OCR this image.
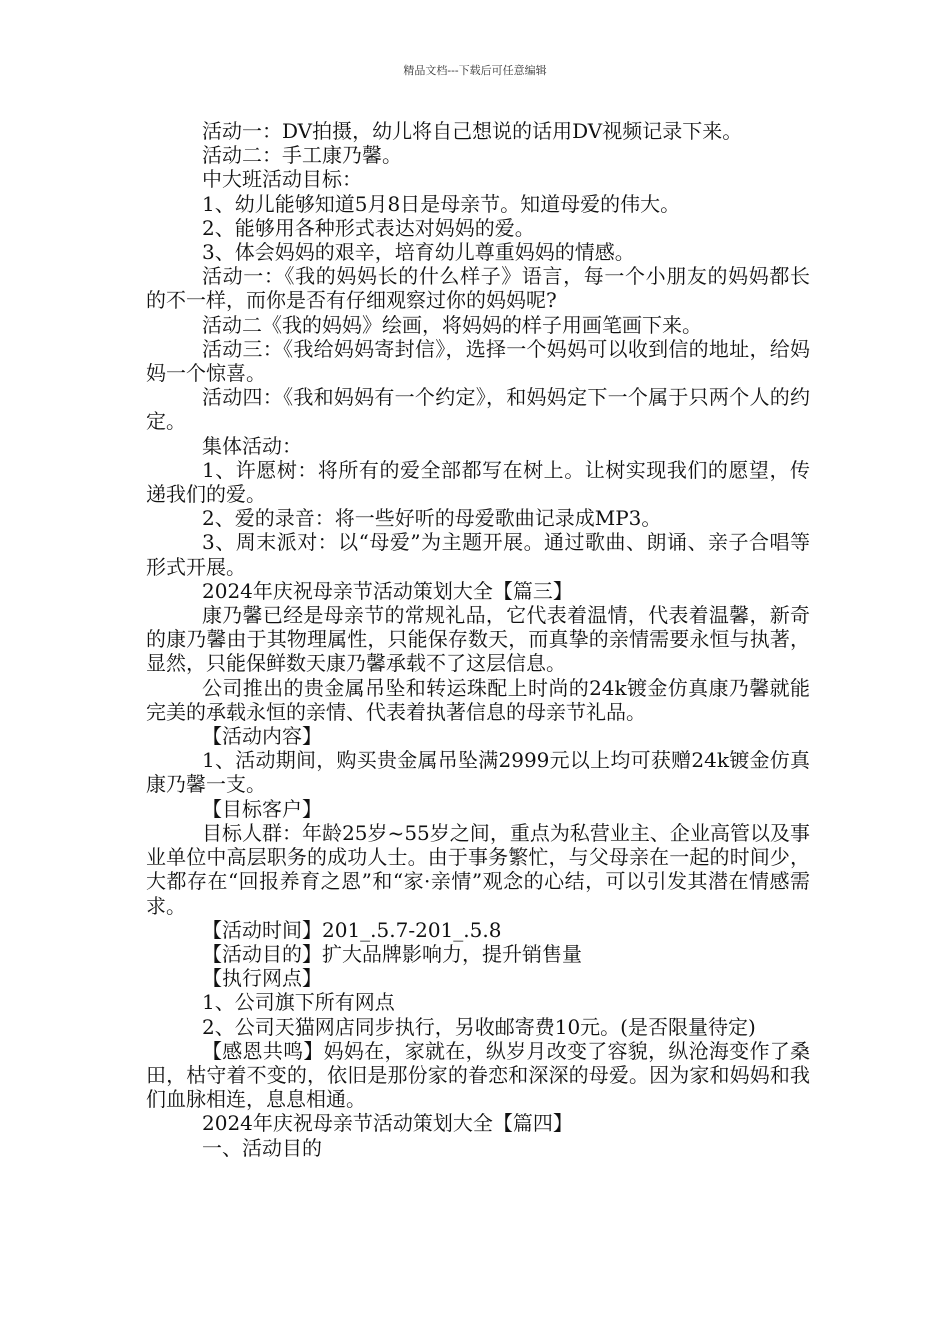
精品文档---下载后可任意编辑

活动一：DV拍摄，幼儿将自己想说的话用DV视频记录下来。

活动二：手工康乃馨。

中大班活动目标：

1、幼儿能够知道5月8日是母亲节。知道母爱的伟大。

2、能够用各种形式表达对妈妈的爱。

3、体会妈妈的艰辛，培育幼儿尊重妈妈的情感。

活动一：《我的妈妈长的什么样子》语言，每一个小朋友的妈妈都长的不一样，而你是否有仔细观察过你的妈妈呢?

活动二《我的妈妈》绘画，将妈妈的样子用画笔画下来。

活动三：《我给妈妈寄封信》，选择一个妈妈可以收到信的地址，给妈妈一个惊喜。

活动四：《我和妈妈有一个约定》，和妈妈定下一个属于只两个人的约定。

集体活动：

1、许愿树：将所有的爱全部都写在树上。让树实现我们的愿望，传递我们的爱。

2、爱的录音：将一些好听的母爱歌曲记录成MP3。

3、周末派对：以“母爱”为主题开展。通过歌曲、朗诵、亲子合唱等形式开展。

2024年庆祝母亲节活动策划大全【篇三】

康乃馨已经是母亲节的常规礼品，它代表着温情，代表着温馨，新奇的康乃馨由于其物理属性，只能保存数天，而真挚的亲情需要永恒与执著，显然，只能保鲜数天康乃馨承载不了这层信息。

公司推出的贵金属吊坠和转运珠配上时尚的24k镀金仿真康乃馨就能完美的承载永恒的亲情、代表着执著信息的母亲节礼品。

【活动内容】

1、活动期间，购买贵金属吊坠满2999元以上均可获赠24k镀金仿真康乃馨一支。

【目标客户】

目标人群：年龄25岁~55岁之间，重点为私营业主、企业高管以及事业单位中高层职务的成功人士。由于事务繁忙，与父母亲在一起的时间少，大都存在“回报养育之恩”和“家·亲情”观念的心结，可以引发其潜在情感需求。

【活动时间】201_.5.7-201_.5.8

【活动目的】扩大品牌影响力，提升销售量

【执行网点】

1、公司旗下所有网点

2、公司天猫网店同步执行，另收邮寄费10元。(是否限量待定)

【感恩共鸣】妈妈在，家就在，纵岁月改变了容貌，纵沧海变作了桑田，枯守着不变的，依旧是那份家的眷恋和深深的母爱。因为家和妈妈和我们血脉相连，息息相通。

2024年庆祝母亲节活动策划大全【篇四】

一、活动目的
